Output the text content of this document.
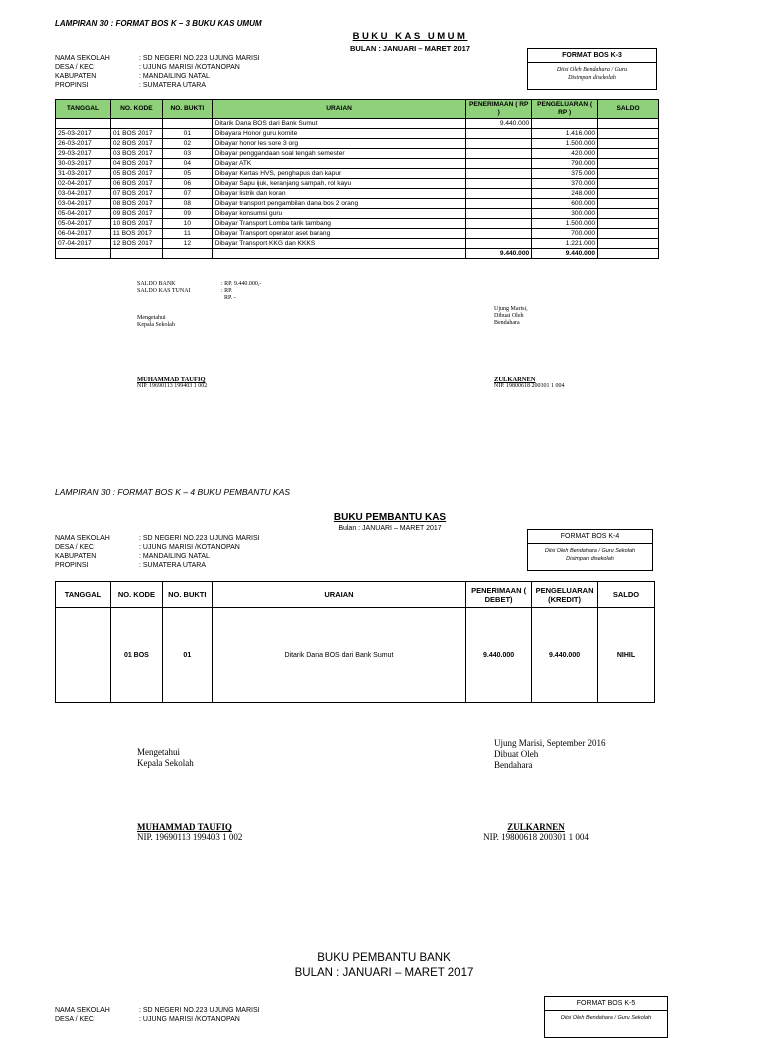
LAMPIRAN 30 : FORMAT BOS K – 3 BUKU KAS UMUM
BUKU KAS UMUM
BULAN : JANUARI – MARET 2017
NAMA SEKOLAH	: SD NEGERI NO.223 UJUNG MARISI
DESA / KEC	: UJUNG MARISI /KOTANOPAN
KABUPATEN	: MANDAILING NATAL
PROPINSI	: SUMATERA UTARA
FORMAT BOS K-3
Diisi Oleh Bendahara / Guru
Disimpan disekolah
TANGGAL	NO. KODE	NO. BUKTI	URAIAN	PENERIMAAN ( RP )	PENGELUARAN ( RP )	SALDO
			Ditarik Dana BOS dari Bank Sumut	9.440.000		
25-03-2017	01 BOS 2017	01	Dibayara Honor guru komite		1.416.000	
26-03-2017	02 BOS 2017	02	Dibayar honor les sore 3 org		1.500.000	
29-03-2017	03 BOS 2017	03	Dibayar penggandaan soal tengah semester		420.000	
30-03-2017	04 BOS 2017	04	Dibayar ATK		790.000	
31-03-2017	05 BOS 2017	05	Dibayar Kertas HVS, penghapus dan kapur		375.000	
02-04-2017	06 BOS 2017	06	Dibayar Sapu ijuk, keranjang sampah, rol kayu		370.000	
03-04-2017	07 BOS 2017	07	Dibayar listrik dan koran		248.000	
03-04-2017	08 BOS 2017	08	Dibayar transport pengambilan dana bos 2 orang		600.000	
05-04-2017	09 BOS 2017	09	Dibayar konsumsi guru		300.000	
05-04-2017	10 BOS 2017	10	Dibayar Transport Lomba tarik tambang		1.500.000	
06-04-2017	11 BOS 2017	11	Dibayar Transport operator aset barang		700.000	
07-04-2017	12 BOS 2017	12	Dibayar Transport KKG dan KKKS		1.221.000	
				9.440.000	9.440.000	
SALDO BANK	: RP. 9.440.000,-
SALDO KAS TUNAI	: RP.
RP. -
Mengetahui
Kepala Sekolah
Ujung Marisi,
Dibuat Oleh
Bendahara
MUHAMMAD TAUFIQ
NIP. 19690113 199403 1 002
ZULKARNEN
NIP. 19800618 200301 1 004
LAMPIRAN 30 : FORMAT BOS K – 4 BUKU PEMBANTU KAS
BUKU PEMBANTU KAS
Bulan : JANUARI – MARET 2017
NAMA SEKOLAH	: SD NEGERI NO.223 UJUNG MARISI
DESA / KEC	: UJUNG MARISI /KOTANOPAN
KABUPATEN	: MANDAILING NATAL
PROPINSI	: SUMATERA UTARA
FORMAT BOS K-4
Diisi Oleh Bendahara / Guru Sekolah
Disimpan disekolah
TANGGAL	NO. KODE	NO. BUKTI	URAIAN	PENERIMAAN ( DEBET)	PENGELUARAN (KREDIT)	SALDO
	01 BOS	01	Ditarik Dana BOS dari Bank Sumut	9.440.000	9.440.000	NIHIL
Mengetahui
Kepala Sekolah
Ujung Marisi, September 2016
Dibuat Oleh
Bendahara
MUHAMMAD TAUFIQ
NIP. 19690113 199403 1 002
ZULKARNEN
NIP. 19800618 200301 1 004
BUKU PEMBANTU BANK
BULAN : JANUARI – MARET 2017
NAMA SEKOLAH	: SD NEGERI NO.223 UJUNG MARISI
DESA / KEC	: UJUNG MARISI /KOTANOPAN
FORMAT BOS K-5
Diisi Oleh Bendahara / Guru Sekolah
